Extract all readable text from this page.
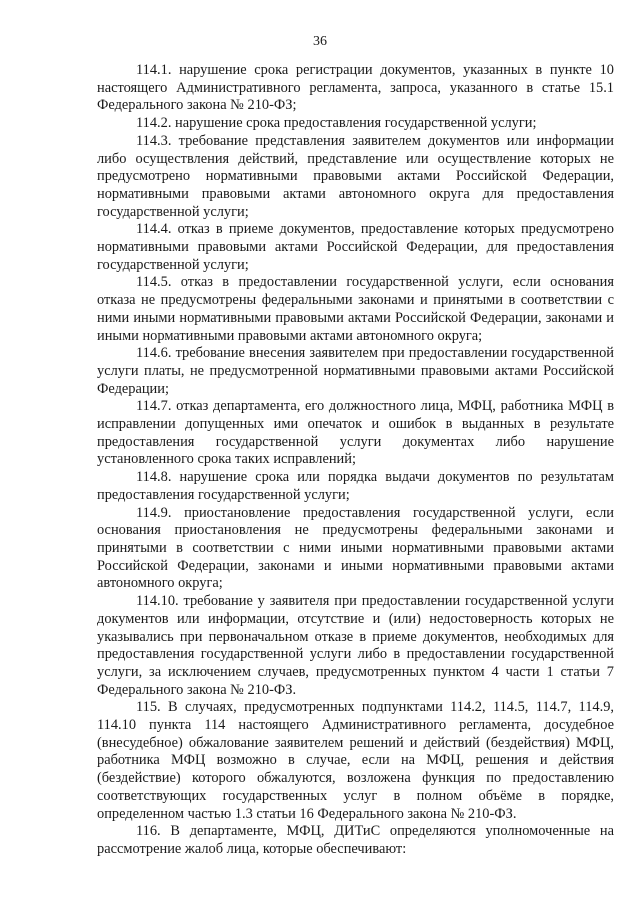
36

114.1. нарушение срока регистрации документов, указанных в пункте 10 настоящего Административного регламента, запроса, указанного в статье 15.1 Федерального закона № 210-ФЗ;

114.2. нарушение срока предоставления государственной услуги;

114.3. требование представления заявителем документов или информации либо осуществления действий, представление или осуществление которых не предусмотрено нормативными правовыми актами Российской Федерации, нормативными правовыми актами автономного округа для предоставления государственной услуги;

114.4. отказ в приеме документов, предоставление которых предусмотрено нормативными правовыми актами Российской Федерации, для предоставления государственной услуги;

114.5. отказ в предоставлении государственной услуги, если основания отказа не предусмотрены федеральными законами и принятыми в соответствии с ними иными нормативными правовыми актами Российской Федерации, законами и иными нормативными правовыми актами автономного округа;

114.6. требование внесения заявителем при предоставлении государственной услуги платы, не предусмотренной нормативными правовыми актами Российской Федерации;

114.7. отказ департамента, его должностного лица, МФЦ, работника МФЦ в исправлении допущенных ими опечаток и ошибок в выданных в результате предоставления государственной услуги документах либо нарушение установленного срока таких исправлений;

114.8. нарушение срока или порядка выдачи документов по результатам предоставления государственной услуги;

114.9. приостановление предоставления государственной услуги, если основания приостановления не предусмотрены федеральными законами и принятыми в соответствии с ними иными нормативными правовыми актами Российской Федерации, законами и иными нормативными правовыми актами автономного округа;

114.10. требование у заявителя при предоставлении государственной услуги документов или информации, отсутствие и (или) недостоверность которых не указывались при первоначальном отказе в приеме документов, необходимых для предоставления государственной услуги либо в предоставлении государственной услуги, за исключением случаев, предусмотренных пунктом 4 части 1 статьи 7 Федерального закона № 210-ФЗ.

115. В случаях, предусмотренных подпунктами 114.2, 114.5, 114.7, 114.9, 114.10 пункта 114 настоящего Административного регламента, досудебное (внесудебное) обжалование заявителем решений и действий (бездействия) МФЦ, работника МФЦ возможно в случае, если на МФЦ, решения и действия (бездействие) которого обжалуются, возложена функция по предоставлению соответствующих государственных услуг в полном объёме в порядке, определенном частью 1.3 статьи 16 Федерального закона № 210-ФЗ.

116. В департаменте, МФЦ, ДИТиС определяются уполномоченные на рассмотрение жалоб лица, которые обеспечивают:
